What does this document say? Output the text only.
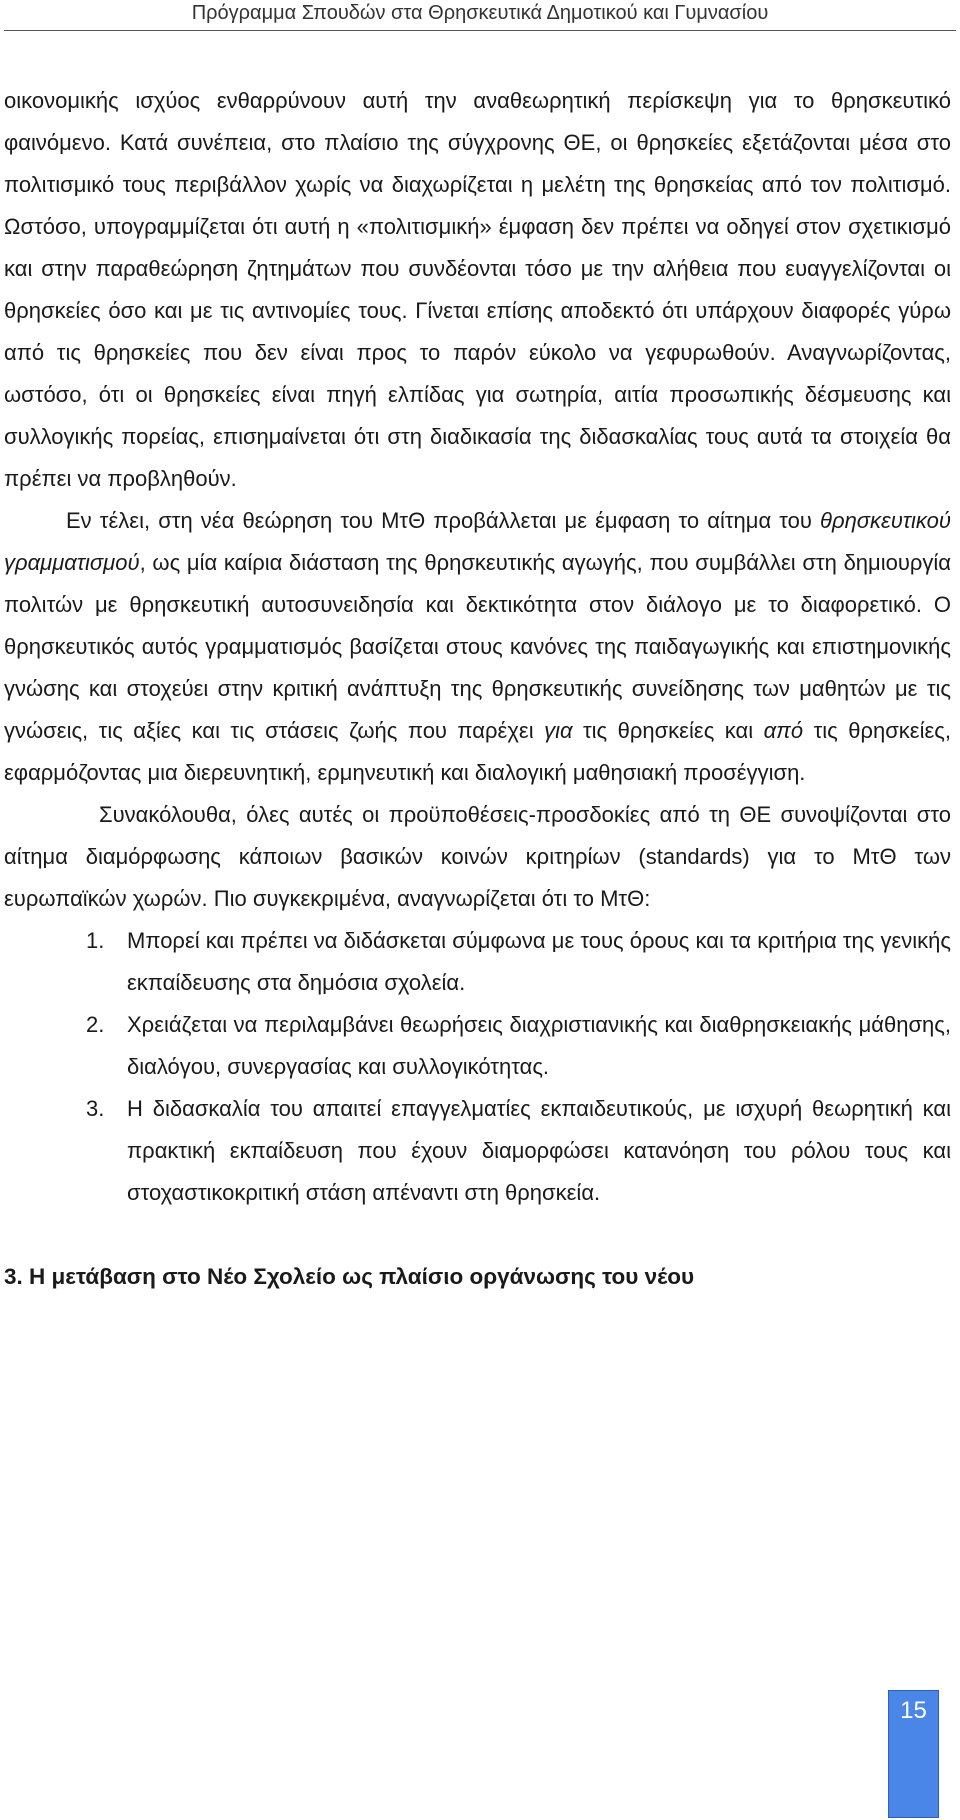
Πρόγραμμα Σπουδών στα Θρησκευτικά Δημοτικού και Γυμνασίου

οικονομικής ισχύος ενθαρρύνουν αυτή την αναθεωρητική περίσκεψη για το θρησκευτικό φαινόμενο. Κατά συνέπεια, στο πλαίσιο της σύγχρονης ΘΕ, οι θρησκείες εξετάζονται μέσα στο πολιτισμικό τους περιβάλλον χωρίς να διαχωρίζεται η μελέτη της θρησκείας από τον πολιτισμό. Ωστόσο, υπογραμμίζεται ότι αυτή η «πολιτισμική» έμφαση δεν πρέπει να οδηγεί στον σχετικισμό και στην παραθεώρηση ζητημάτων που συνδέονται τόσο με την αλήθεια που ευαγγελίζονται οι θρησκείες όσο και με τις αντινομίες τους. Γίνεται επίσης αποδεκτό ότι υπάρχουν διαφορές γύρω από τις θρησκείες που δεν είναι προς το παρόν εύκολο να γεφυρωθούν. Αναγνωρίζοντας, ωστόσο, ότι οι θρησκείες είναι πηγή ελπίδας για σωτηρία, αιτία προσωπικής δέσμευσης και συλλογικής πορείας, επισημαίνεται ότι στη διαδικασία της διδασκαλίας τους αυτά τα στοιχεία θα πρέπει να προβληθούν.

Εν τέλει, στη νέα θεώρηση του ΜτΘ προβάλλεται με έμφαση το αίτημα του θρησκευτικού γραμματισμού, ως μία καίρια διάσταση της θρησκευτικής αγωγής, που συμβάλλει στη δημιουργία πολιτών με θρησκευτική αυτοσυνειδησία και δεκτικότητα στον διάλογο με το διαφορετικό. Ο θρησκευτικός αυτός γραμματισμός βασίζεται στους κανόνες της παιδαγωγικής και επιστημονικής γνώσης και στοχεύει στην κριτική ανάπτυξη της θρησκευτικής συνείδησης των μαθητών με τις γνώσεις, τις αξίες και τις στάσεις ζωής που παρέχει για τις θρησκείες και από τις θρησκείες, εφαρμόζοντας μια διερευνητική, ερμηνευτική και διαλογική μαθησιακή προσέγγιση.

Συνακόλουθα, όλες αυτές οι προϋποθέσεις-προσδοκίες από τη ΘΕ συνοψίζονται στο αίτημα διαμόρφωσης κάποιων βασικών κοινών κριτηρίων (standards) για το ΜτΘ των ευρωπαϊκών χωρών. Πιο συγκεκριμένα, αναγνωρίζεται ότι το ΜτΘ:

1. Μπορεί και πρέπει να διδάσκεται σύμφωνα με τους όρους και τα κριτήρια της γενικής εκπαίδευσης στα δημόσια σχολεία.
2. Χρειάζεται να περιλαμβάνει θεωρήσεις διαχριστιανικής και διαθρησκειακής μάθησης, διαλόγου, συνεργασίας και συλλογικότητας.
3. Η διδασκαλία του απαιτεί επαγγελματίες εκπαιδευτικούς, με ισχυρή θεωρητική και πρακτική εκπαίδευση που έχουν διαμορφώσει κατανόηση του ρόλου τους και στοχαστικοκριτική στάση απέναντι στη θρησκεία.

3. Η μετάβαση στο Νέο Σχολείο ως πλαίσιο οργάνωσης του νέου

15
